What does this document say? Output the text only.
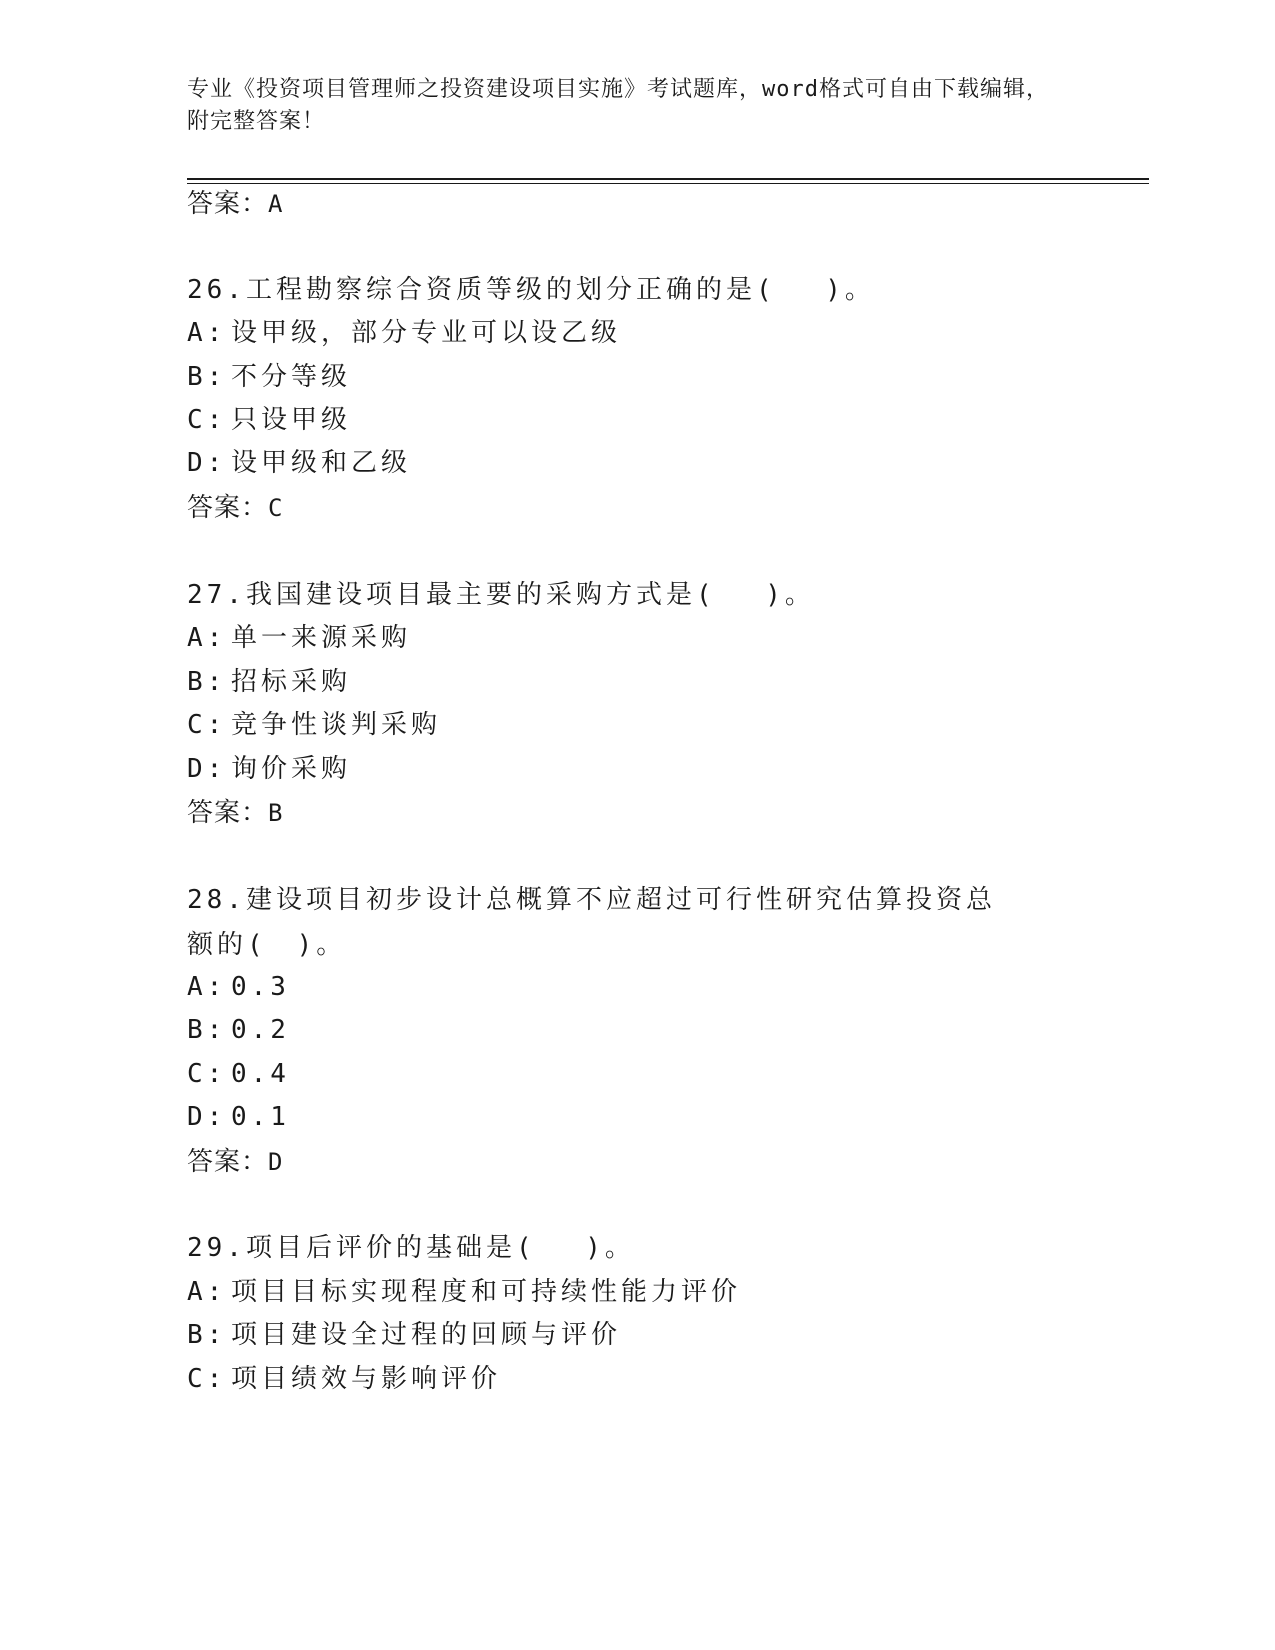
专业《投资项目管理师之投资建设项目实施》考试题库，word格式可自由下载编辑，附完整答案！
答案：A
26.工程勘察综合资质等级的划分正确的是(　 )。
A: 设甲级，部分专业可以设乙级
B: 不分等级
C: 只设甲级
D: 设甲级和乙级
答案：C
27.我国建设项目最主要的采购方式是(　 )。
A: 单一来源采购
B: 招标采购
C: 竞争性谈判采购
D: 询价采购
答案：B
28.建设项目初步设计总概算不应超过可行性研究估算投资总额的(　)。
A: 0.3
B: 0.2
C: 0.4
D: 0.1
答案：D
29.项目后评价的基础是(　 )。
A: 项目目标实现程度和可持续性能力评价
B: 项目建设全过程的回顾与评价
C: 项目绩效与影响评价
